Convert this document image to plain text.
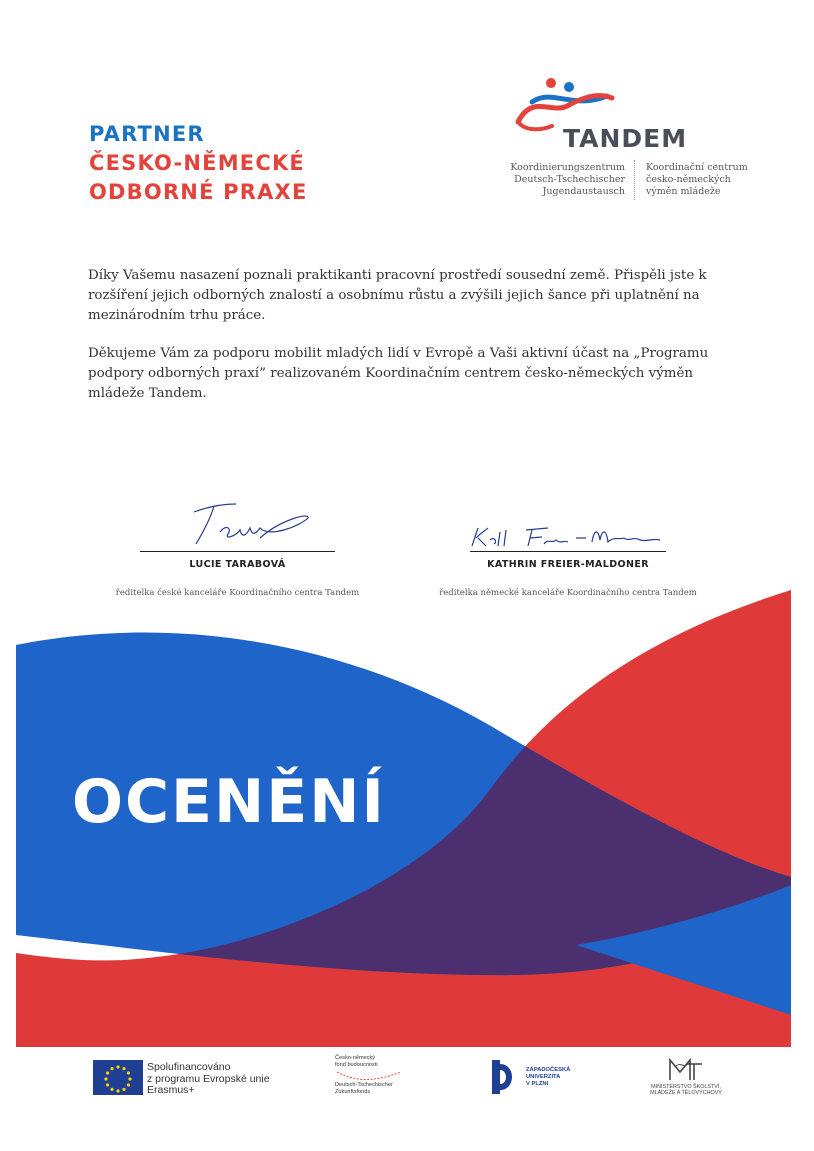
PARTNER
ČESKO-NĚMECKÉ
ODBORNÉ PRAXE
TANDEM
Koordinierungszentrum
Deutsch-Tschechischer
Jugendaustausch
Koordinační centrum
česko-německých
výměn mládeže
Díky Vašemu nasazení poznali praktikanti pracovní prostředí sousední země. Přispěli jste k rozšíření jejich odborných znalostí a osobnímu růstu a zvýšili jejich šance při uplatnění na mezinárodním trhu práce.
Děkujeme Vám za podporu mobilit mladých lidí v Evropě a Vaši aktivní účast na „Programu podpory odborných praxí” realizovaném Koordinačním centrem česko-německých výměn mládeže Tandem.
LUCIE TARABOVÁ
ředitelka české kanceláře Koordinačního centra Tandem
KATHRIN FREIER-MALDONER
ředitelka německé kanceláře Koordinačního centra Tandem
OCENĚNÍ
Spolufinancováno
z programu Evropské unie
Erasmus+
Česko-německý
fond budoucnosti
Deutsch-Tschechischer
Zukunftsfonds
ZÁPADOČESKÁ
UNIVERZITA
V PLZNI	MINISTERSTVO ŠKOLSTVÍ,
MLÁDEŽE A TĚLOVÝCHOVY
